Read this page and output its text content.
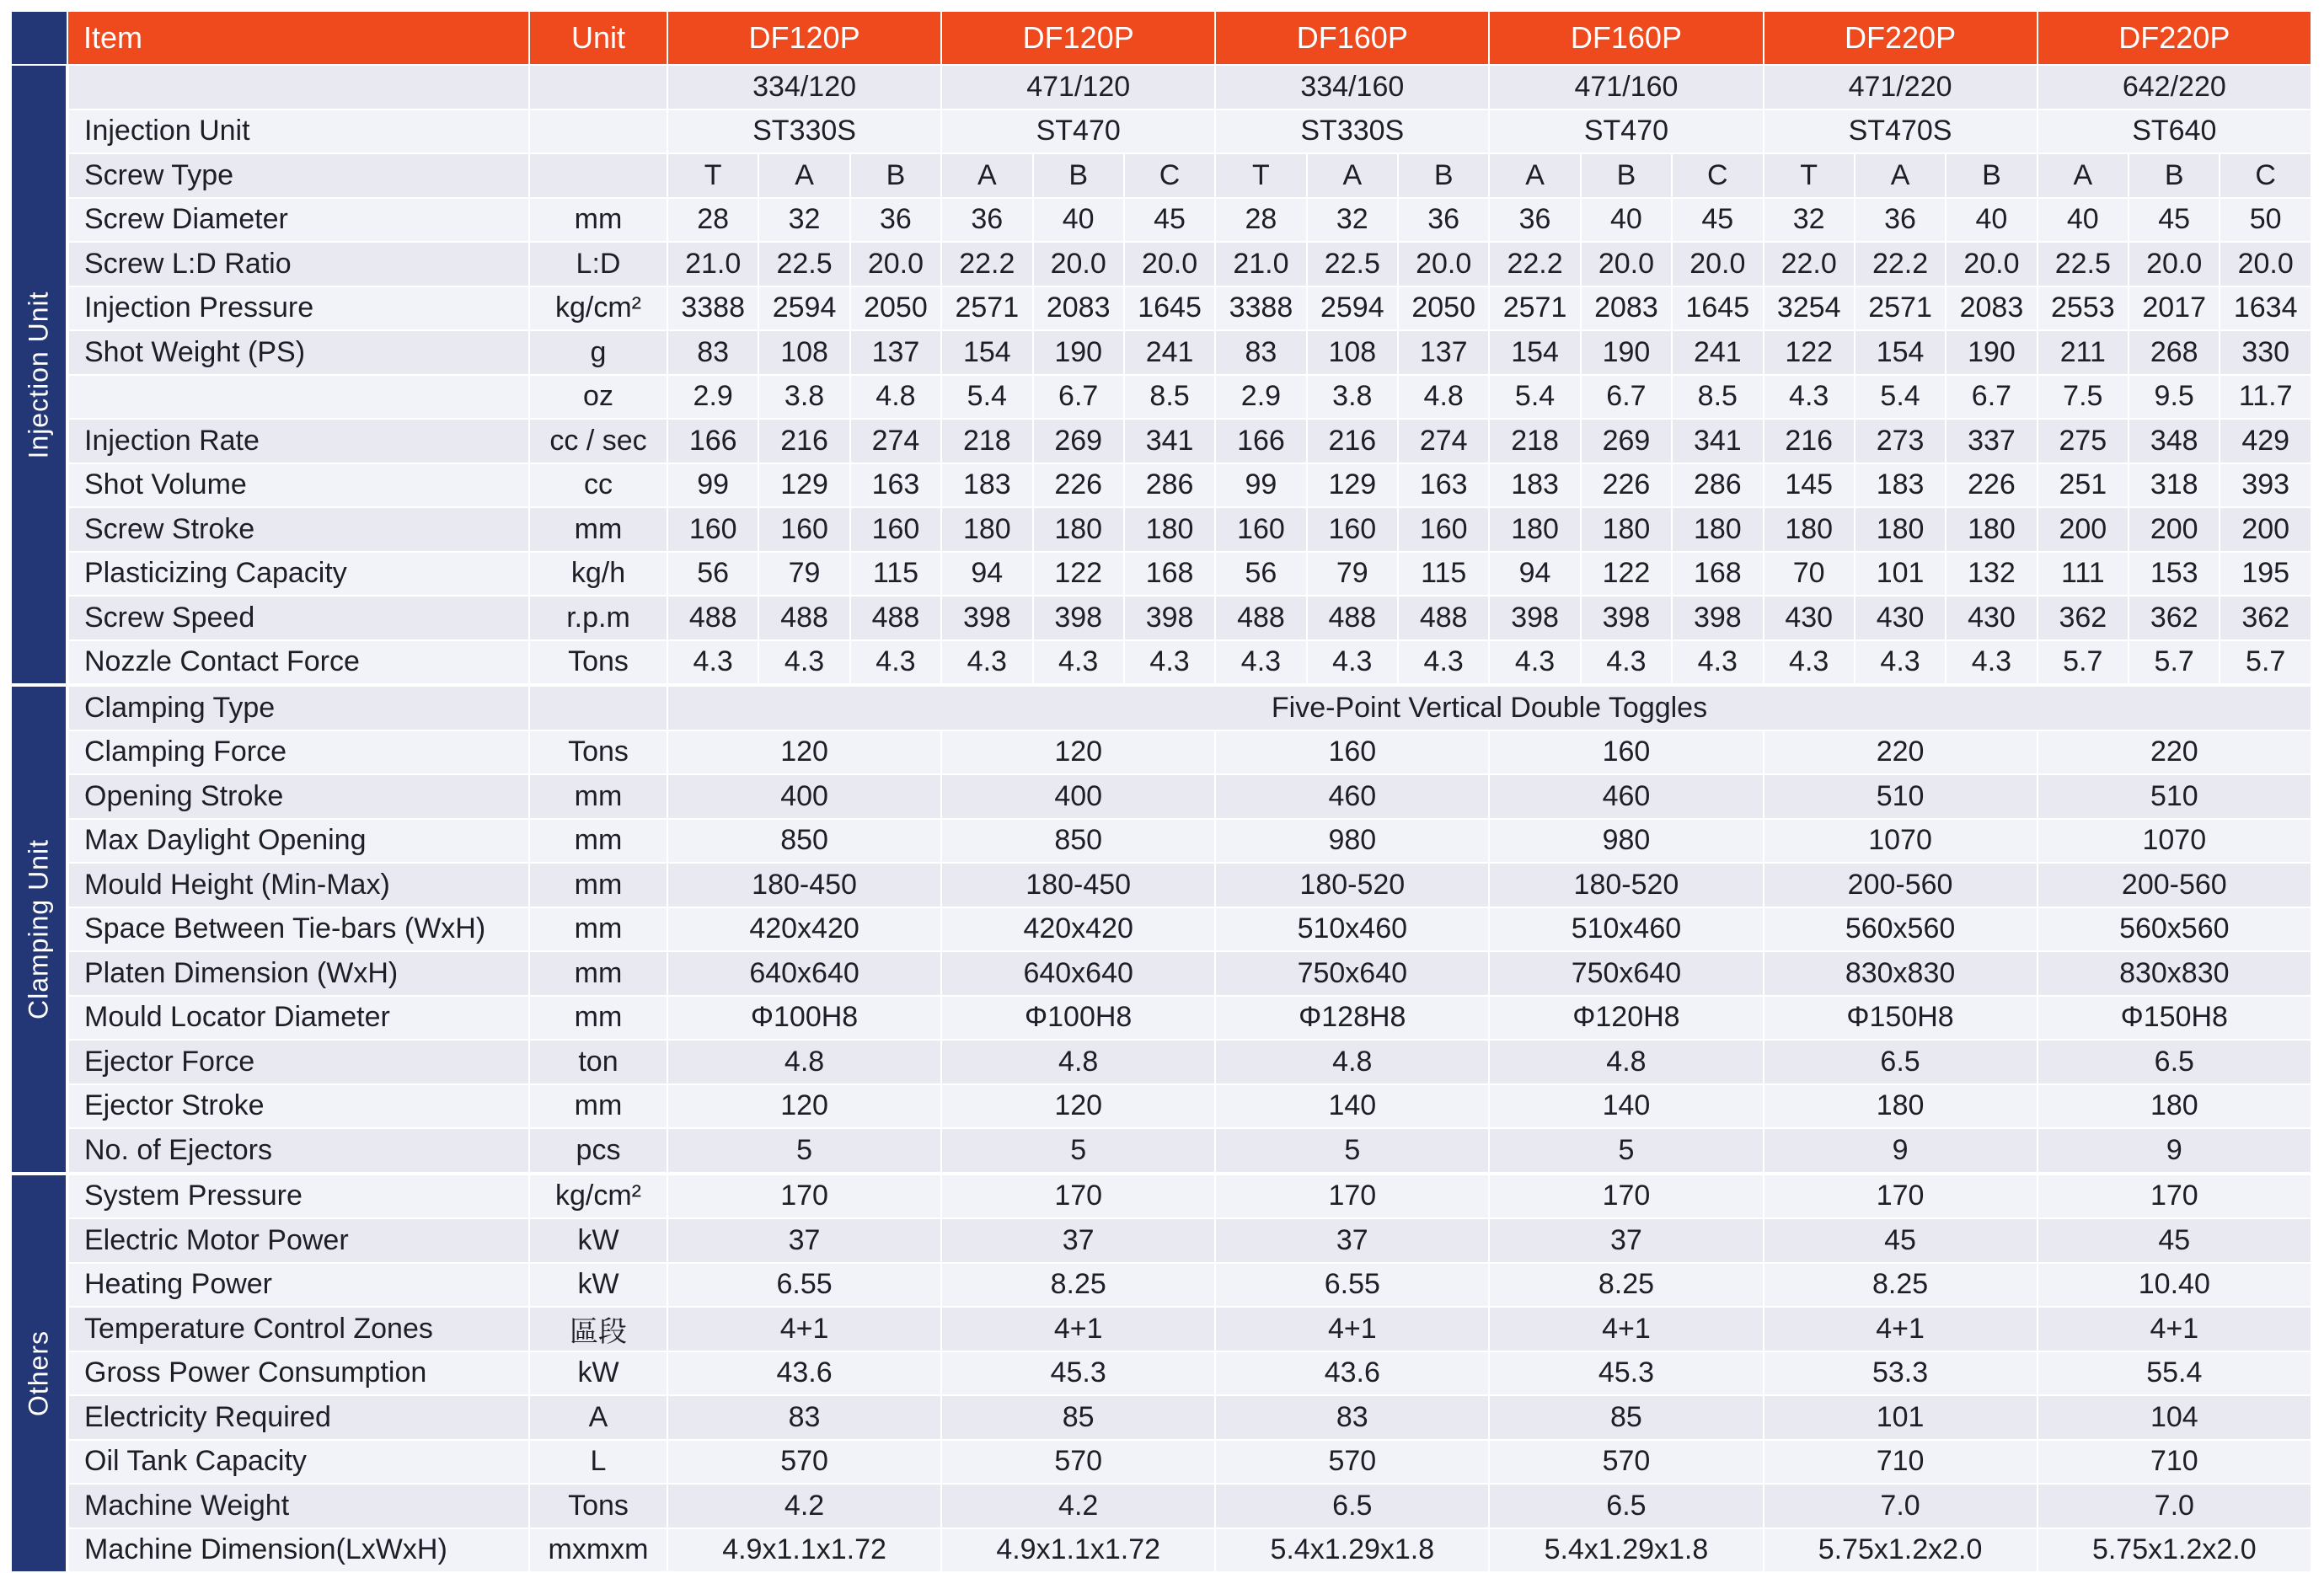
	Item	Unit	DF120P			DF120P			DF160P			DF160P			DF220P			DF220P		

Injection Unit			334/120			471/120			334/160			471/160			471/220			642/220		
	Injection Unit		ST330S			ST470			ST330S			ST470			ST470S			ST640		
	Screw Type		T	A	B	A	B	C	T	A	B	A	B	C	T	A	B	A	B	C
	Screw Diameter	mm	28	32	36	36	40	45	28	32	36	36	40	45	32	36	40	40	45	50
	Screw L:D Ratio	L:D	21.0	22.5	20.0	22.2	20.0	20.0	21.0	22.5	20.0	22.2	20.0	20.0	22.0	22.2	20.0	22.5	20.0	20.0
	Injection Pressure	kg/cm²	3388	2594	2050	2571	2083	1645	3388	2594	2050	2571	2083	1645	3254	2571	2083	2553	2017	1634
	Shot Weight (PS)	g	83	108	137	154	190	241	83	108	137	154	190	241	122	154	190	211	268	330
		oz	2.9	3.8	4.8	5.4	6.7	8.5	2.9	3.8	4.8	5.4	6.7	8.5	4.3	5.4	6.7	7.5	9.5	11.7
	Injection Rate	cc / sec	166	216	274	218	269	341	166	216	274	218	269	341	216	273	337	275	348	429
	Shot Volume	cc	99	129	163	183	226	286	99	129	163	183	226	286	145	183	226	251	318	393
	Screw Stroke	mm	160	160	160	180	180	180	160	160	160	180	180	180	180	180	180	200	200	200
	Plasticizing Capacity	kg/h	56	79	115	94	122	168	56	79	115	94	122	168	70	101	132	111	153	195
	Screw Speed	r.p.m	488	488	488	398	398	398	488	488	488	398	398	398	430	430	430	362	362	362
	Nozzle Contact Force	Tons	4.3	4.3	4.3	4.3	4.3	4.3	4.3	4.3	4.3	4.3	4.3	4.3	4.3	4.3	4.3	5.7	5.7	5.7

Clamping Unit	Clamping Type		Five-Point Vertical Double Toggles																	
	Clamping Force	Tons	120			120			160			160			220			220		
	Opening Stroke	mm	400			400			460			460			510			510		
	Max Daylight Opening	mm	850			850			980			980			1070			1070		
	Mould Height (Min-Max)	mm	180-450			180-450			180-520			180-520			200-560			200-560		
	Space Between Tie-bars (WxH)	mm	420x420			420x420			510x460			510x460			560x560			560x560		
	Platen Dimension (WxH)	mm	640x640			640x640			750x640			750x640			830x830			830x830		
	Mould Locator Diameter	mm	Φ100H8			Φ100H8			Φ128H8			Φ120H8			Φ150H8			Φ150H8		
	Ejector Force	ton	4.8			4.8			4.8			4.8			6.5			6.5		
	Ejector Stroke	mm	120			120			140			140			180			180		
	No. of Ejectors	pcs	5			5			5			5			9			9		

Others	System Pressure	kg/cm²	170			170			170			170			170			170		
	Electric Motor Power	kW	37			37			37			37			45			45		
	Heating Power	kW	6.55			8.25			6.55			8.25			8.25			10.40		
	Temperature Control Zones	區段	4+1			4+1			4+1			4+1			4+1			4+1		
	Gross Power Consumption	kW	43.6			45.3			43.6			45.3			53.3			55.4		
	Electricity Required	A	83			85			83			85			101			104		
	Oil Tank Capacity	L	570			570			570			570			710			710		
	Machine Weight	Tons	4.2			4.2			6.5			6.5			7.0			7.0		
	Machine Dimension(LxWxH)	mxmxm	4.9x1.1x1.72			4.9x1.1x1.72			5.4x1.29x1.8			5.4x1.29x1.8			5.75x1.2x2.0			5.75x1.2x2.0		
